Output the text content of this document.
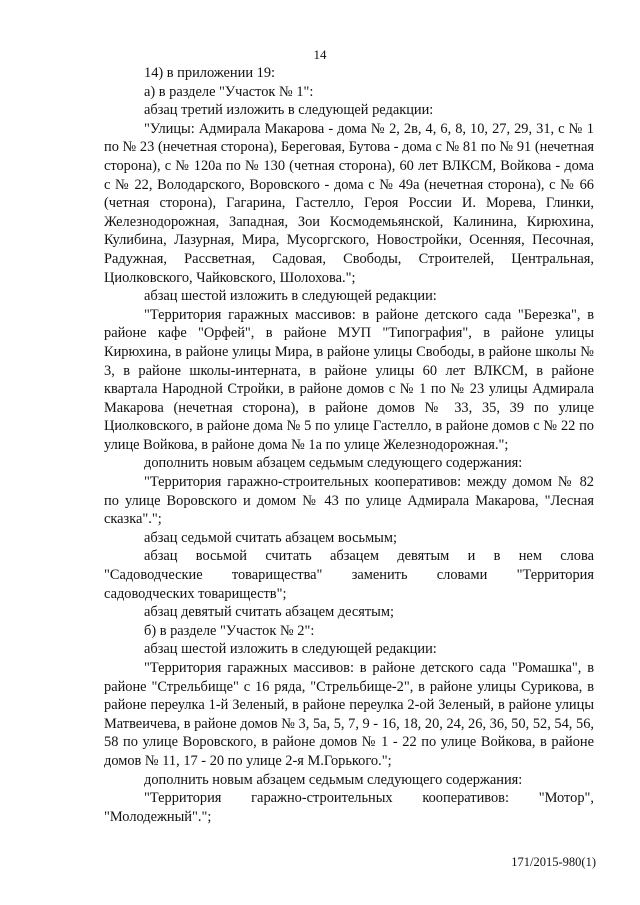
14

14) в приложении 19:

а) в разделе "Участок № 1":

абзац третий изложить в следующей редакции:

"Улицы: Адмирала Макарова - дома № 2, 2в, 4, 6, 8, 10, 27, 29, 31, с № 1 по № 23 (нечетная сторона), Береговая, Бутова - дома с № 81 по № 91 (нечетная сторона), с № 120а по № 130 (четная сторона), 60 лет ВЛКСМ, Войкова - дома с № 22, Володарского, Воровского - дома с № 49а (нечетная сторона), с № 66 (четная сторона), Гагарина, Гастелло, Героя России И. Морева, Глинки, Железнодорожная, Западная, Зои Космодемьянской, Калинина, Кирюхина, Кулибина, Лазурная, Мира, Мусоргского, Новостройки, Осенняя, Песочная, Радужная, Рассветная, Садовая, Свободы, Строителей, Центральная, Циолковского, Чайковского, Шолохова.";

абзац шестой изложить в следующей редакции:

"Территория гаражных массивов: в районе детского сада "Березка", в районе кафе "Орфей", в районе МУП "Типография", в районе улицы Кирюхина, в районе улицы Мира, в районе улицы Свободы, в районе школы № 3, в районе школы-интерната, в районе улицы 60 лет ВЛКСМ, в районе квартала Народной Стройки, в районе домов с № 1 по № 23 улицы Адмирала Макарова (нечетная сторона), в районе домов № 33, 35, 39 по улице Циолковского, в районе дома № 5 по улице Гастелло, в районе домов с № 22 по улице Войкова, в районе дома № 1а по улице Железнодорожная.";

дополнить новым абзацем седьмым следующего содержания:

"Территория гаражно-строительных кооперативов: между домом № 82 по улице Воровского и домом № 43 по улице Адмирала Макарова, "Лесная сказка".";

абзац седьмой считать абзацем восьмым;

абзац восьмой считать абзацем девятым и в нем слова

"Садоводческие товарищества" заменить словами "Территория

садоводческих товариществ";

абзац девятый считать абзацем десятым;

б) в разделе "Участок № 2":

абзац шестой изложить в следующей редакции:

"Территория гаражных массивов: в районе детского сада "Ромашка", в районе "Стрельбище" с 16 ряда, "Стрельбище-2", в районе улицы Сурикова, в районе переулка 1-й Зеленый, в районе переулка 2-ой Зеленый, в районе улицы Матвеичева, в районе домов № 3, 5а, 5, 7, 9 - 16, 18, 20, 24, 26, 36, 50, 52, 54, 56, 58 по улице Воровского, в районе домов № 1 - 22 по улице Войкова, в районе домов № 11, 17 - 20 по улице 2-я М.Горького.";

дополнить новым абзацем седьмым следующего содержания:

"Территория гаражно-строительных кооперативов: "Мотор",

"Молодежный".";

171/2015-980(1)
